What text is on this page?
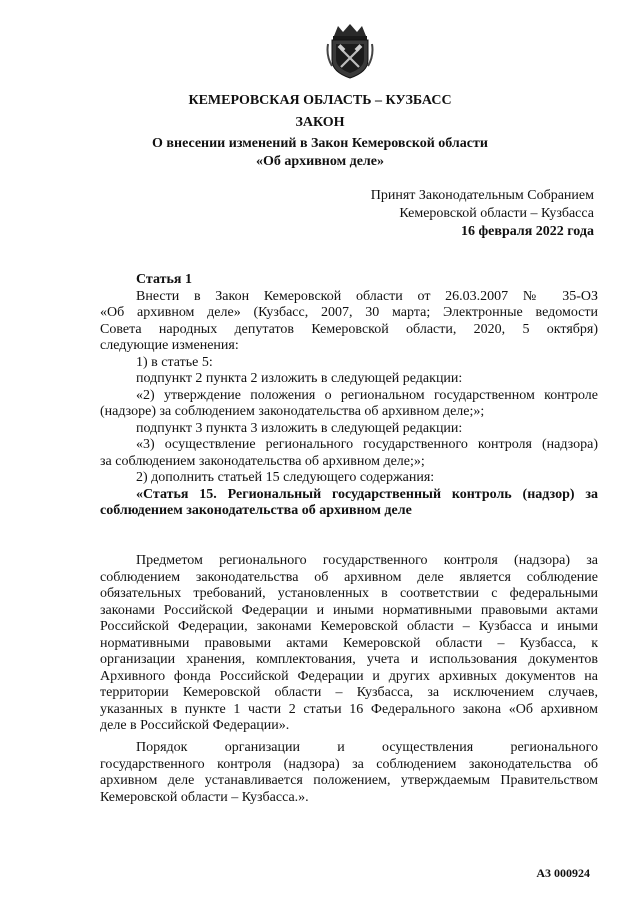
КЕМЕРОВСКАЯ ОБЛАСТЬ – КУЗБАСС
ЗАКОН
О внесении изменений в Закон Кемеровской области
«Об архивном деле»
Принят Законодательным Собранием
Кемеровской области – Кузбасса
16 февраля 2022 года
Статья 1
Внести в Закон Кемеровской области от 26.03.2007 № 35-ОЗ
«Об архивном деле» (Кузбасс, 2007, 30 марта; Электронные ведомости
Совета народных депутатов Кемеровской области, 2020, 5 октября)
следующие изменения:
1) в статье 5:
подпункт 2 пункта 2 изложить в следующей редакции:
«2) утверждение положения о региональном государственном контроле
(надзоре) за соблюдением законодательства об архивном деле;»;
подпункт 3 пункта 3 изложить в следующей редакции:
«3) осуществление регионального государственного контроля (надзора)
за соблюдением законодательства об архивном деле;»;
2) дополнить статьей 15 следующего содержания:
«Статья 15. Региональный государственный контроль (надзор) за
соблюдением законодательства об архивном деле
Предметом регионального государственного контроля (надзора) за
соблюдением законодательства об архивном деле является соблюдение
обязательных требований, установленных в соответствии с федеральными
законами Российской Федерации и иными нормативными правовыми актами
Российской Федерации, законами Кемеровской области – Кузбасса и иными
нормативными правовыми актами Кемеровской области – Кузбасса, к
организации хранения, комплектования, учета и использования документов
Архивного фонда Российской Федерации и других архивных документов на
территории Кемеровской области – Кузбасса, за исключением случаев,
указанных в пункте 1 части 2 статьи 16 Федерального закона «Об архивном
деле в Российской Федерации».
Порядок организации и осуществления регионального
государственного контроля (надзора) за соблюдением законодательства об
архивном деле устанавливается положением, утверждаемым Правительством
Кемеровской области – Кузбасса.».
А3 000924
